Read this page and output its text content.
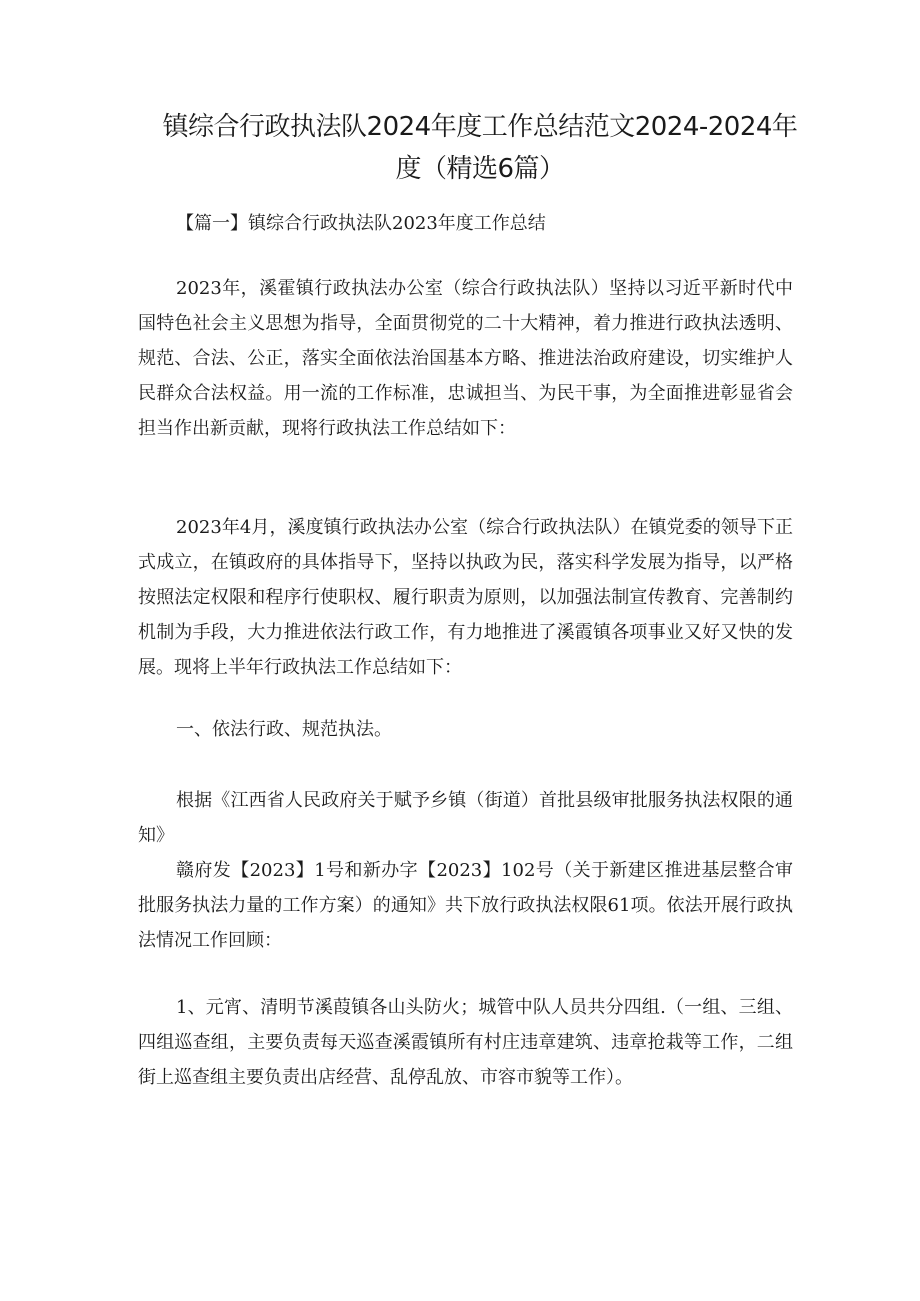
镇综合行政执法队2024年度工作总结范文2024-2024年度（精选6篇）
【篇一】镇综合行政执法队2023年度工作总结

2023年，溪霍镇行政执法办公室（综合行政执法队）坚持以习近平新时代中国特色社会主义思想为指导，全面贯彻党的二十大精神，着力推进行政执法透明、规范、合法、公正，落实全面依法治国基本方略、推进法治政府建设，切实维护人民群众合法权益。用一流的工作标准，忠诚担当、为民干事，为全面推进彰显省会担当作出新贡献，现将行政执法工作总结如下：

2023年4月，溪度镇行政执法办公室（综合行政执法队）在镇党委的领导下正式成立，在镇政府的具体指导下，坚持以执政为民，落实科学发展为指导，以严格按照法定权限和程序行使职权、履行职责为原则，以加强法制宣传教育、完善制约机制为手段，大力推进依法行政工作，有力地推进了溪霞镇各项事业又好又快的发展。现将上半年行政执法工作总结如下：

一、依法行政、规范执法。

根据《江西省人民政府关于赋予乡镇（街道）首批县级审批服务执法权限的通知》

赣府发【2023】1号和新办字【2023】102号（关于新建区推进基层整合审批服务执法力量的工作方案）的通知》共下放行政执法权限61项。依法开展行政执法情况工作回顾：

1、元宵、清明节溪葭镇各山头防火；城管中队人员共分四组.（一组、三组、四组巡查组，主要负责每天巡查溪霞镇所有村庄违章建筑、违章抢栽等工作，二组街上巡查组主要负责出店经营、乱停乱放、市容市貌等工作）。
